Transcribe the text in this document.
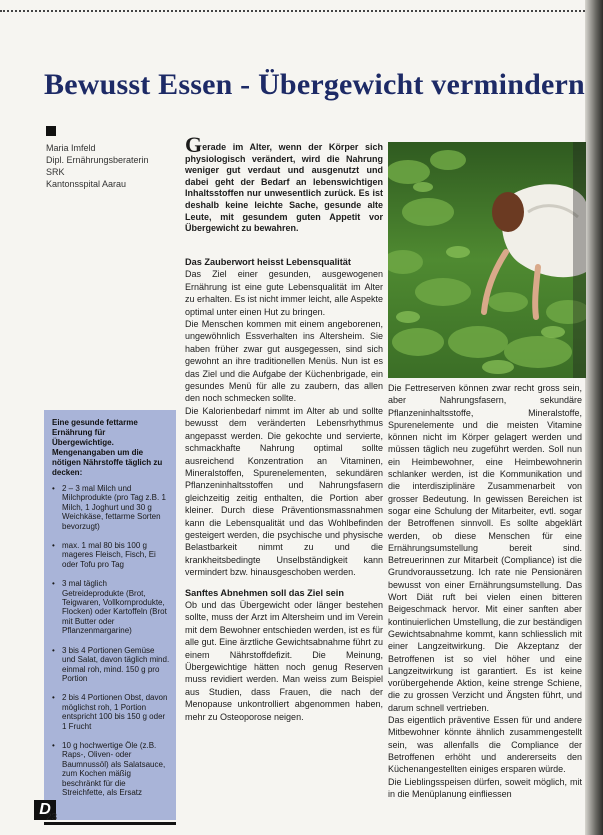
Bewusst Essen - Übergewicht vermindern
Maria Imfeld
Dipl. Ernährungsberaterin SRK
Kantonsspital Aarau
Gerade im Alter, wenn der Körper sich physiologisch verändert, wird die Nahrung weniger gut verdaut und ausgenutzt und dabei geht der Bedarf an lebenswichtigen Inhaltsstoffen nur unwesentlich zurück. Es ist deshalb keine leichte Sache, gesunde alte Leute, mit gesundem guten Appetit vor Übergewicht zu bewahren.

Das Zauberwort heisst Lebensqualität

Das Ziel einer gesunden, ausgewogenen Ernährung ist eine gute Lebensqualität im Alter zu erhalten. Es ist nicht immer leicht, alle Aspekte optimal unter einen Hut zu bringen.

Die Menschen kommen mit einem angeborenen, ungewöhnlich Essverhalten ins Altersheim. Sie haben früher zwar gut ausgegessen, sind sich gewohnt an ihre traditionellen Menüs. Nun ist es das Ziel und die Aufgabe der Küchenbrigade, ein gesundes Menü für alle zu zaubern, das allen den noch schmecken sollte.

Die Kalorienbedarf nimmt im Alter ab und sollte bewusst dem veränderten Lebensrhythmus angepasst werden. Die gekochte und servierte, schmackhafte Nahrung optimal sollte ausreichend Konzentration an Vitaminen, Mineralstoffen, Spurenelementen, sekundären Pflanzeninhaltsstoffen und Nahrungsfasern gleichzeitig zeitig enthalten, die Portion aber kleiner. Durch diese Präventionsmassnahmen kann die Lebensqualität und das Wohlbefinden gesteigert werden, die psychische und physische Belastbarkeit nimmt zu und die krankheitsbedingte Unselbständigkeit kann vermindert bzw. hinausgeschoben werden.

Sanftes Abnehmen soll das Ziel sein

Ob und das Übergewicht oder länger bestehen sollte, muss der Arzt im Altersheim und im Verein mit dem Bewohner entschieden werden, ist es für alle gut. Eine ärztliche Gewichtsabnahme führt zu einem Nährstoffdefizit. Die Meinung, Übergewichtige hätten noch genug Reserven muss revidiert werden. Man weiss zum Beispiel aus Studien, dass Frauen, die nach der Menopause unkontrolliert abgenommen haben, mehr zu Osteoporose neigen.

Die Fettreserven können zwar recht gross sein, aber Nahrungsfasern, sekundäre Pflanzeninhaltsstoffe, Mineralstoffe, Spurenelemente und die meisten Vitamine können nicht im Körper gelagert werden und müssen täglich neu zugeführt werden. Soll nun ein Heimbewohner, eine Heimbewohnerin schlanker werden, ist die Kommunikation und die interdisziplinäre Zusammenarbeit von grosser Bedeutung. In gewissen Bereichen ist sogar eine Schulung der Mitarbeiter, evtl. sogar der Betroffenen sinnvoll. Es sollte abgeklärt werden, ob diese Menschen für eine Ernährungsumstellung bereit sind. Betreuerinnen zur Mitarbeit (Compliance) ist die Grundvoraussetzung. Ich rate nie Pensionären bewusst von einer Ernährungsumstellung. Das Wort Diät ruft bei vielen einen bitteren Beigeschmack hervor. Mit einer sanften aber kontinuierlichen Umstellung, die zur beständigen Gewichtsabnahme kommt, kann schliesslich mit einer Langzeitwirkung. Die Akzeptanz der Betroffenen ist so viel höher und eine Langzeitwirkung ist garantiert. Es ist keine vorübergehende Aktion, keine strenge Schiene, die zu grossen Verzicht und Ängsten führt, und darum schnell vertrieben.

Das eigentlich präventive Essen für und andere Mitbewohner könnte ähnlich zusammengestellt sein, was allenfalls die Compliance der Betroffenen erhöht und andererseits den Küchenangestellten einiges ersparen würde.

Die Lieblingsspeisen dürfen, soweit möglich, mit in die Menüplanung einfliessen

Eine gesunde fettarme Ernährung für Übergewichtige. Mengenangaben um die nötigen Nährstoffe täglich zu decken:
• 2 – 3 mal Milch und Milchprodukte (pro Tag z.B. 1 Milch, 1 Joghurt und 30 g Weichkäse, fettarme Sorten bevorzugt)
• max. 1 mal 80 bis 100 g mageres Fleisch, Fisch, Ei oder Tofu pro Tag
• 3 mal täglich Getreideprodukte (Brot, Teigwaren, Vollkornprodukte, Flocken) oder Kartoffeln (Brot mit Butter oder Pflanzenmargarine)
• 3 bis 4 Portionen Gemüse und Salat, davon täglich mind. einmal roh, mind. 150 g pro Portion
• 2 bis 4 Portionen Obst, davon möglichst roh, 1 Portion entspricht 100 bis 150 g oder 1 Frucht
• 10 g hochwertige Öle (z.B. Raps-, Oliven- oder Baumnussöl) als Salatsauce, zum Kochen mäßig beschränkt für die Streichfette, als Ersatz
D
23
